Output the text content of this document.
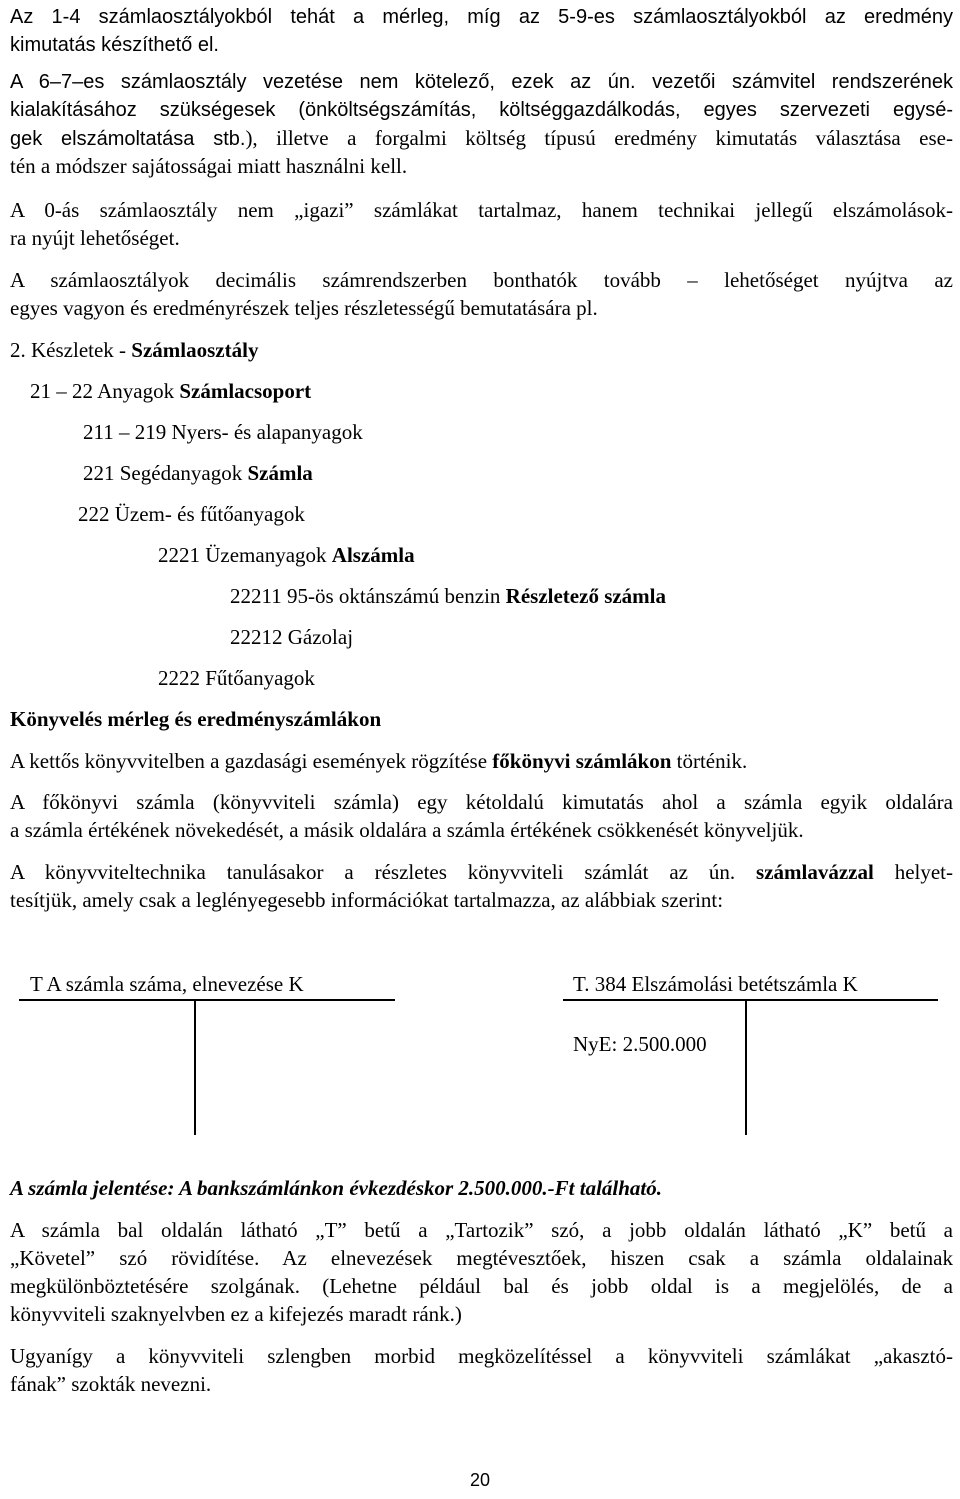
Az 1-4 számlaosztályokból tehát a mérleg, míg az 5-9-es számlaosztályokból az eredmény

kimutatás készíthető el.

A 6–7–es számlaosztály vezetése nem kötelező, ezek az ún. vezetői számvitel rendszerének

kialakításához szükségesek (önköltségszámítás, költséggazdálkodás, egyes szervezeti egysé-

gek elszámoltatása stb.), illetve a forgalmi költség típusú eredmény kimutatás választása ese-

tén a módszer sajátosságai miatt használni kell.

A 0-ás számlaosztály nem „igazi” számlákat tartalmaz, hanem technikai jellegű elszámolások-

ra nyújt lehetőséget.

A számlaosztályok decimális számrendszerben bonthatók tovább – lehetőséget nyújtva az

egyes vagyon és eredményrészek teljes részletességű bemutatására pl.

2. Készletek - Számlaosztály

21 – 22 Anyagok Számlacsoport

211 – 219 Nyers- és alapanyagok

221 Segédanyagok Számla

222 Üzem- és fűtőanyagok

2221 Üzemanyagok Alszámla

22211 95-ös oktánszámú benzin Részletező számla

22212 Gázolaj

2222 Fűtőanyagok

Könyvelés mérleg és eredményszámlákon

A kettős könyvvitelben a gazdasági események rögzítése főkönyvi számlákon történik.

A főkönyvi számla (könyvviteli számla) egy kétoldalú kimutatás ahol a számla egyik oldalára

a számla értékének növekedését, a másik oldalára a számla értékének csökkenését könyveljük.

A könyvviteltechnika tanulásakor a részletes könyvviteli számlát az ún. számlavázzal helyet-

tesítjük, amely csak a leglényegesebb információkat tartalmazza, az alábbiak szerint:

T A számla száma, elnevezése K	T. 384 Elszámolási betétszámla K

NyE: 2.500.000

A számla jelentése: A bankszámlánkon évkezdéskor 2.500.000.-Ft található.

A számla bal oldalán látható „T” betű a „Tartozik” szó, a jobb oldalán látható „K” betű a

„Követel” szó rövidítése. Az elnevezések megtévesztőek, hiszen csak a számla oldalainak

megkülönböztetésére szolgának. (Lehetne például bal és jobb oldal is a megjelölés, de a

könyvviteli szaknyelvben ez a kifejezés maradt ránk.)

Ugyanígy a könyvviteli szlengben morbid megközelítéssel a könyvviteli számlákat „akasztó-

fának” szokták nevezni.

20
